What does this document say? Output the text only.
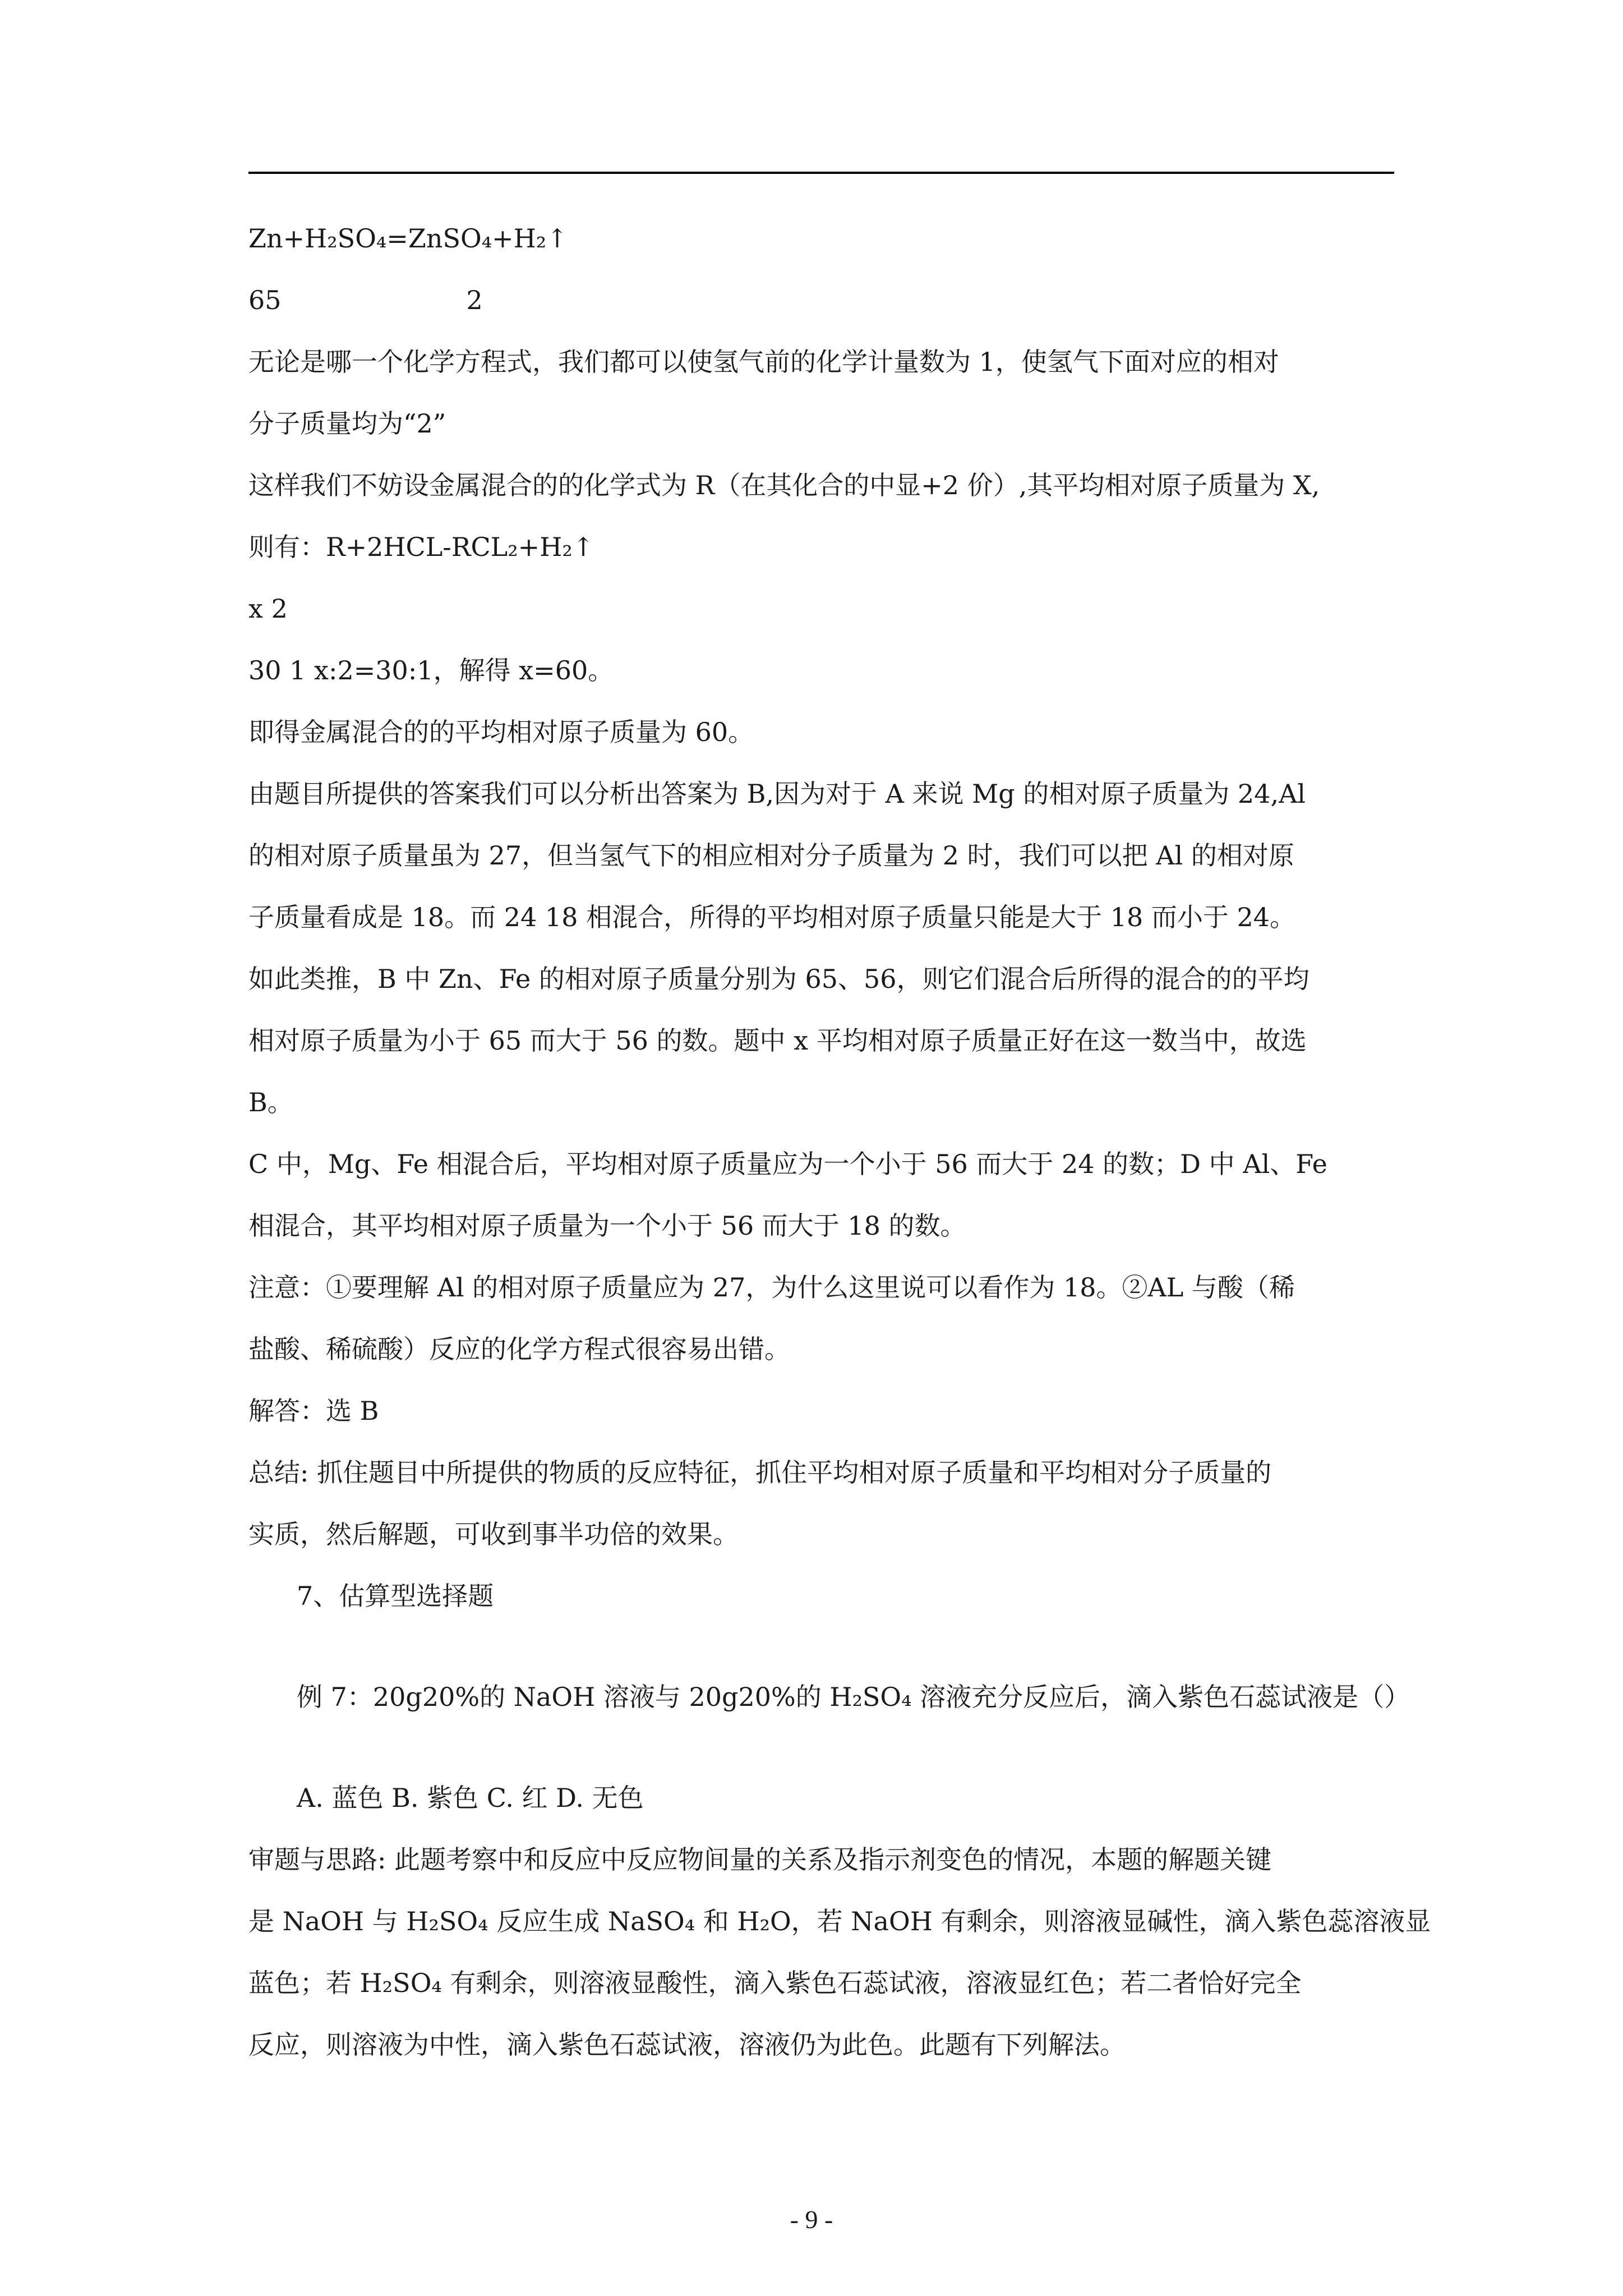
Zn+H₂SO₄=ZnSO₄+H₂↑
65	2
无论是哪一个化学方程式，我们都可以使氢气前的化学计量数为 1，使氢气下面对应的相对
分子质量均为“2”
这样我们不妨设金属混合的的化学式为 R（在其化合的中显+2 价）,其平均相对原子质量为 X,
则有：R+2HCL-RCL₂+H₂↑
x 2
30 1 x:2=30:1，解得 x=60。
即得金属混合的的平均相对原子质量为 60。
由题目所提供的答案我们可以分析出答案为 B,因为对于 A 来说 Mg 的相对原子质量为 24,Al
的相对原子质量虽为 27，但当氢气下的相应相对分子质量为 2 时，我们可以把 Al 的相对原
子质量看成是 18。而 24 18 相混合，所得的平均相对原子质量只能是大于 18 而小于 24。
如此类推，B 中 Zn、Fe 的相对原子质量分别为 65、56，则它们混合后所得的混合的的平均
相对原子质量为小于 65 而大于 56 的数。题中 x 平均相对原子质量正好在这一数当中，故选
B。
C 中，Mg、Fe 相混合后，平均相对原子质量应为一个小于 56 而大于 24 的数；D 中 Al、Fe
相混合，其平均相对原子质量为一个小于 56 而大于 18 的数。
注意：①要理解 Al 的相对原子质量应为 27，为什么这里说可以看作为 18。②AL 与酸（稀
盐酸、稀硫酸）反应的化学方程式很容易出错。
解答：选 B
总结: 抓住题目中所提供的物质的反应特征，抓住平均相对原子质量和平均相对分子质量的
实质，然后解题，可收到事半功倍的效果。
7、估算型选择题
例 7：20g20%的 NaOH 溶液与 20g20%的 H₂SO₄ 溶液充分反应后，滴入紫色石蕊试液是（）
A. 蓝色 B. 紫色 C. 红 D. 无色
审题与思路: 此题考察中和反应中反应物间量的关系及指示剂变色的情况，本题的解题关键
是 NaOH 与 H₂SO₄ 反应生成 NaSO₄ 和 H₂O，若 NaOH 有剩余，则溶液显碱性，滴入紫色蕊溶液显
蓝色；若 H₂SO₄ 有剩余，则溶液显酸性，滴入紫色石蕊试液，溶液显红色；若二者恰好完全
反应，则溶液为中性，滴入紫色石蕊试液，溶液仍为此色。此题有下列解法。
- 9 -
